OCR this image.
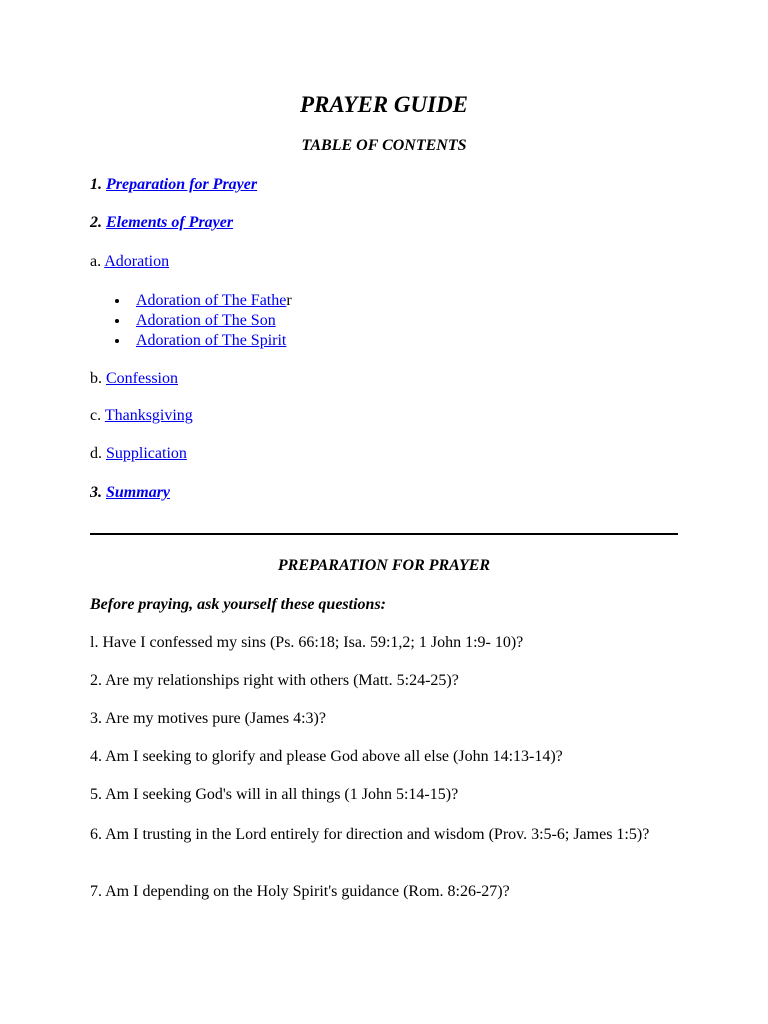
PRAYER GUIDE
TABLE OF CONTENTS
1. Preparation for Prayer
2. Elements of Prayer
a. Adoration
Adoration of The Father
Adoration of The Son
Adoration of The Spirit
b. Confession
c. Thanksgiving
d. Supplication
3. Summary
PREPARATION FOR PRAYER

Before praying, ask yourself these questions:

l. Have I confessed my sins (Ps. 66:18; Isa. 59:1,2; 1 John 1:9- 10)?

2. Are my relationships right with others (Matt. 5:24-25)?

3. Are my motives pure (James 4:3)?

4. Am I seeking to glorify and please God above all else (John 14:13-14)?

5. Am I seeking God's will in all things (1 John 5:14-15)?

6. Am I trusting in the Lord entirely for direction and wisdom (Prov. 3:5-6; James 1:5)?

7. Am I depending on the Holy Spirit's guidance (Rom. 8:26-27)?
